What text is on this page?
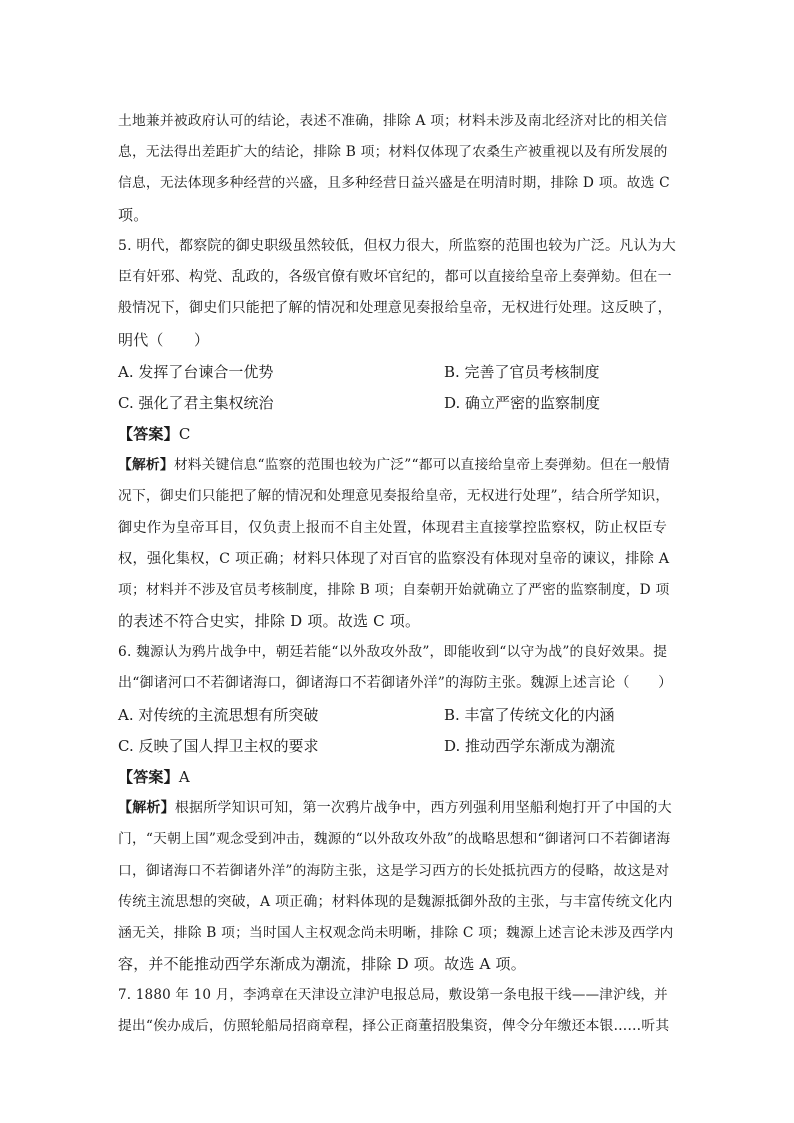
土地兼并被政府认可的结论，表述不准确，排除 A 项；材料未涉及南北经济对比的相关信
息，无法得出差距扩大的结论，排除 B 项；材料仅体现了农桑生产被重视以及有所发展的
信息，无法体现多种经营的兴盛，且多种经营日益兴盛是在明清时期，排除 D 项。故选 C
项。
5. 明代，都察院的御史职级虽然较低，但权力很大，所监察的范围也较为广泛。凡认为大
臣有奸邪、构党、乱政的，各级官僚有败坏官纪的，都可以直接给皇帝上奏弹劾。但在一
般情况下，御史们只能把了解的情况和处理意见奏报给皇帝，无权进行处理。这反映了，
明代（　　）
A. 发挥了台谏合一优势	B. 完善了官员考核制度
C. 强化了君主集权统治	D. 确立严密的监察制度
【答案】C
【解析】材料关键信息“监察的范围也较为广泛”“都可以直接给皇帝上奏弹劾。但在一般情
况下，御史们只能把了解的情况和处理意见奏报给皇帝，无权进行处理”，结合所学知识，
御史作为皇帝耳目，仅负责上报而不自主处置，体现君主直接掌控监察权，防止权臣专
权，强化集权，C 项正确；材料只体现了对百官的监察没有体现对皇帝的谏议，排除 A
项；材料并不涉及官员考核制度，排除 B 项；自秦朝开始就确立了严密的监察制度，D 项
的表述不符合史实，排除 D 项。故选 C 项。
6. 魏源认为鸦片战争中，朝廷若能“以外敌攻外敌”，即能收到“以守为战”的良好效果。提
出“御诸河口不若御诸海口，御诸海口不若御诸外洋”的海防主张。魏源上述言论（　　）
A. 对传统的主流思想有所突破	B. 丰富了传统文化的内涵
C. 反映了国人捍卫主权的要求	D. 推动西学东渐成为潮流
【答案】A
【解析】根据所学知识可知，第一次鸦片战争中，西方列强利用坚船利炮打开了中国的大
门，“天朝上国”观念受到冲击，魏源的“以外敌攻外敌”的战略思想和“御诸河口不若御诸海
口，御诸海口不若御诸外洋”的海防主张，这是学习西方的长处抵抗西方的侵略，故这是对
传统主流思想的突破，A 项正确；材料体现的是魏源抵御外敌的主张，与丰富传统文化内
涵无关，排除 B 项；当时国人主权观念尚未明晰，排除 C 项；魏源上述言论未涉及西学内
容，并不能推动西学东渐成为潮流，排除 D 项。故选 A 项。
7. 1880 年 10 月，李鸿章在天津设立津沪电报总局，敷设第一条电报干线——津沪线，并
提出“俟办成后，仿照轮船局招商章程，择公正商董招股集资，俾令分年缴还本银……听其
